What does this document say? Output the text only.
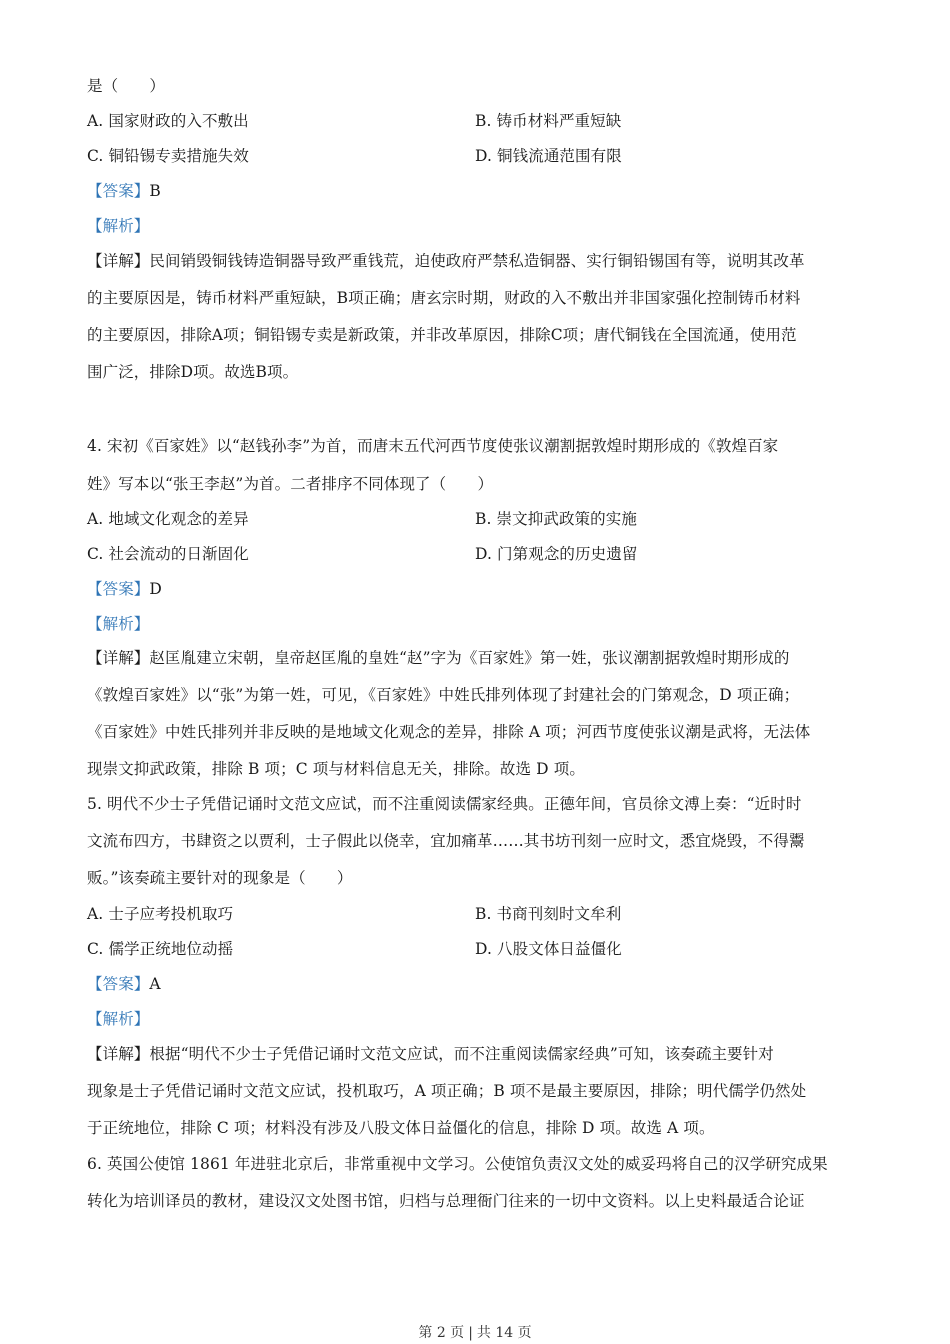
是（　　）
A. 国家财政的入不敷出	B. 铸币材料严重短缺
C. 铜铅锡专卖措施失效	D. 铜钱流通范围有限
【答案】B
【解析】
【详解】民间销毁铜钱铸造铜器导致严重钱荒，迫使政府严禁私造铜器、实行铜铅锡国有等，说明其改革
的主要原因是，铸币材料严重短缺，B项正确；唐玄宗时期，财政的入不敷出并非国家强化控制铸币材料
的主要原因，排除A项；铜铅锡专卖是新政策，并非改革原因，排除C项；唐代铜钱在全国流通，使用范
围广泛，排除D项。故选B项。
4. 宋初《百家姓》以“赵钱孙李”为首，而唐末五代河西节度使张议潮割据敦煌时期形成的《敦煌百家
姓》写本以“张王李赵”为首。二者排序不同体现了（　　）
A. 地域文化观念的差异	B. 崇文抑武政策的实施
C. 社会流动的日渐固化	D. 门第观念的历史遗留
【答案】D
【解析】
【详解】赵匡胤建立宋朝，皇帝赵匡胤的皇姓“赵”字为《百家姓》第一姓，张议潮割据敦煌时期形成的
《敦煌百家姓》以“张”为第一姓，可见，《百家姓》中姓氏排列体现了封建社会的门第观念，D 项正确；
《百家姓》中姓氏排列并非反映的是地域文化观念的差异，排除 A 项；河西节度使张议潮是武将，无法体
现崇文抑武政策，排除 B 项；C 项与材料信息无关，排除。故选 D 项。
5. 明代不少士子凭借记诵时文范文应试，而不注重阅读儒家经典。正德年间，官员徐文溥上奏：“近时时
文流布四方，书肆资之以贾利，士子假此以侥幸，宜加痛革……其书坊刊刻一应时文，悉宜烧毁，不得鬻
贩。”该奏疏主要针对的现象是（　　）
A. 士子应考投机取巧	B. 书商刊刻时文牟利
C. 儒学正统地位动摇	D. 八股文体日益僵化
【答案】A
【解析】
【详解】根据“明代不少士子凭借记诵时文范文应试，而不注重阅读儒家经典”可知，该奏疏主要针对
现象是士子凭借记诵时文范文应试，投机取巧，A 项正确；B 项不是最主要原因，排除；明代儒学仍然处
于正统地位，排除 C 项；材料没有涉及八股文体日益僵化的信息，排除 D 项。故选 A 项。
6. 英国公使馆 1861 年进驻北京后，非常重视中文学习。公使馆负责汉文处的威妥玛将自己的汉学研究成果
转化为培训译员的教材，建设汉文处图书馆，归档与总理衙门往来的一切中文资料。以上史料最适合论证
第 2 页 | 共 14 页
